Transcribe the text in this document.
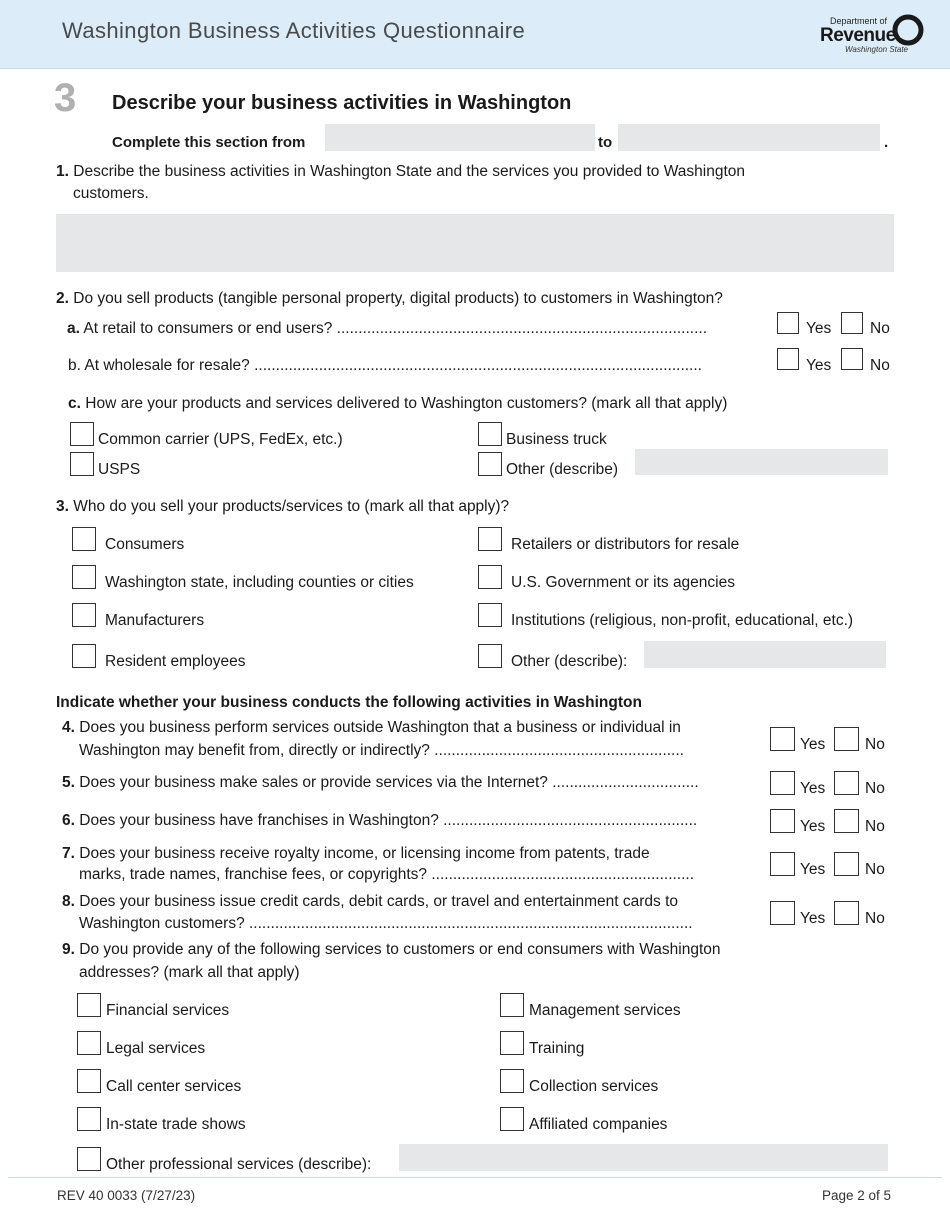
Washington Business Activities Questionnaire	Department of
Revenue
Washington State
3 Describe your business activities in Washington
Complete this section from	to	.
1. Describe the business activities in Washington State and the services you provided to Washington
customers.
2. Do you sell products (tangible personal property, digital products) to customers in Washington?
a. At retail to consumers or end users? ......................................................................................	Yes No
b. At wholesale for resale? ........................................................................................................	Yes No
c. How are your products and services delivered to Washington customers? (mark all that apply)
Common carrier (UPS, FedEx, etc.)	Business truck
USPS	Other (describe)
3. Who do you sell your products/services to (mark all that apply)?
Consumers	Retailers or distributors for resale
Washington state, including counties or cities	U.S. Government or its agencies
Manufacturers	Institutions (religious, non-profit, educational, etc.)
Resident employees	Other (describe):
Indicate whether your business conducts the following activities in Washington
4. Does you business perform services outside Washington that a business or individual in
Washington may benefit from, directly or indirectly? ..........................................................	Yes	No
5. Does your business make sales or provide services via the Internet? ..................................	Yes	No
6. Does your business have franchises in Washington? ...........................................................	Yes	No
7. Does your business receive royalty income, or licensing income from patents, trade
marks, trade names, franchise fees, or copyrights? .............................................................	Yes	No
8. Does your business issue credit cards, debit cards, or travel and entertainment cards to
Washington customers? .......................................................................................................	Yes	No
9. Do you provide any of the following services to customers or end consumers with Washington
addresses? (mark all that apply)
Financial services	Management services
Legal services	Training
Call center services	Collection services
In-state trade shows	Affiliated companies
Other professional services (describe):
REV 40 0033 (7/27/23)	Page 2 of 5
